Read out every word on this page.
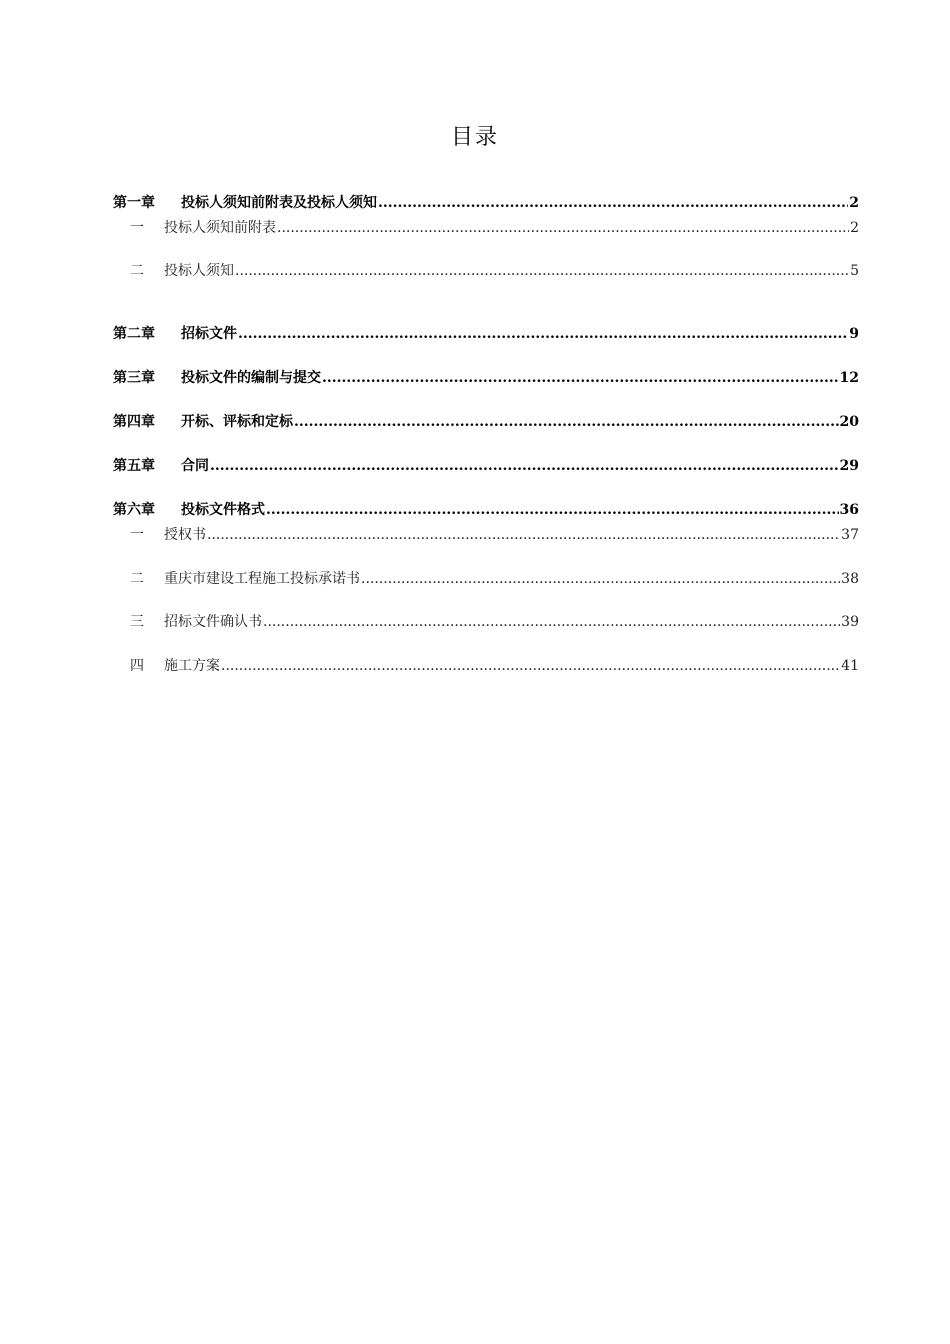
目录
第一章	投标人须知前附表及投标人须知 .....	2
一	投标人须知前附表 .....	2
二	投标人须知 .....	5
第二章	招标文件 .....	9
第三章	投标文件的编制与提交 .....	12
第四章	开标、评标和定标 .....	20
第五章	合同 .....	29
第六章	投标文件格式 .....	36
一	授权书 .....	37
二	重庆市建设工程施工投标承诺书 .....	38
三	招标文件确认书 .....	39
四	施工方案 .....	41
